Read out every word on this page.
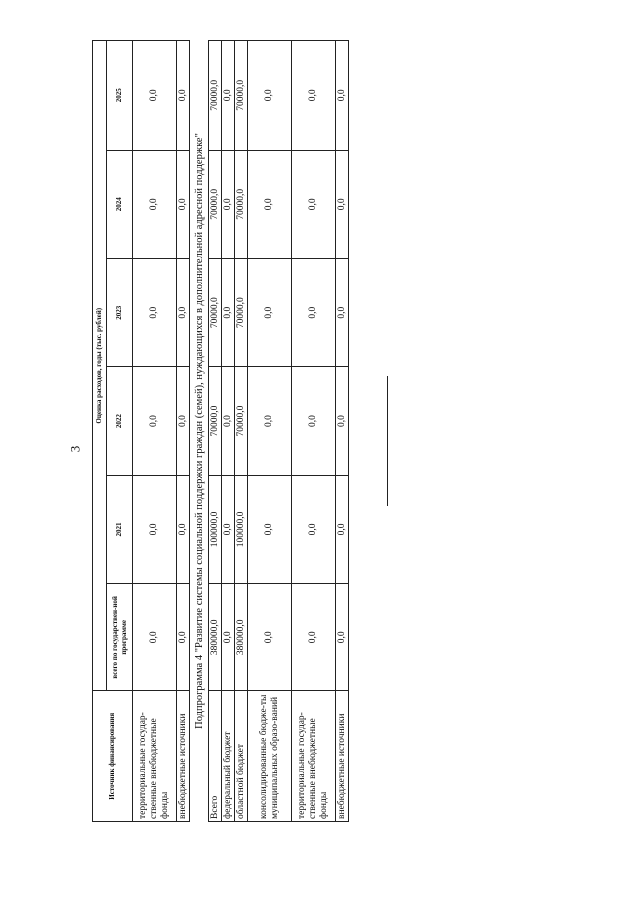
3
Источник финансирования	Оценка расходов, годы (тыс. рублей)					
	всего по государствен-ной программе	2021	2022	2023	2024	2025
территориальные государ-ственные внебюджетные фонды	0,0	0,0	0,0	0,0	0,0	0,0
внебюджетные источники	0,0	0,0	0,0	0,0	0,0	0,0
Подпрограмма 4 "Развитие системы социальной поддержки граждан (семей), нуждающихся в дополнительной адресной поддержке"						
Всего	380000,0	100000,0	70000,0	70000,0	70000,0	70000,0
федеральный бюджет	0,0	0,0	0,0	0,0	0,0	0,0
областной бюджет	380000,0	100000,0	70000,0	70000,0	70000,0	70000,0
консолидированные бюдже-ты муниципальных образо-ваний	0,0	0,0	0,0	0,0	0,0	0,0
территориальные государ-ственные внебюджетные фонды	0,0	0,0	0,0	0,0	0,0	0,0
внебюджетные источники	0,0	0,0	0,0	0,0	0,0	0,0
